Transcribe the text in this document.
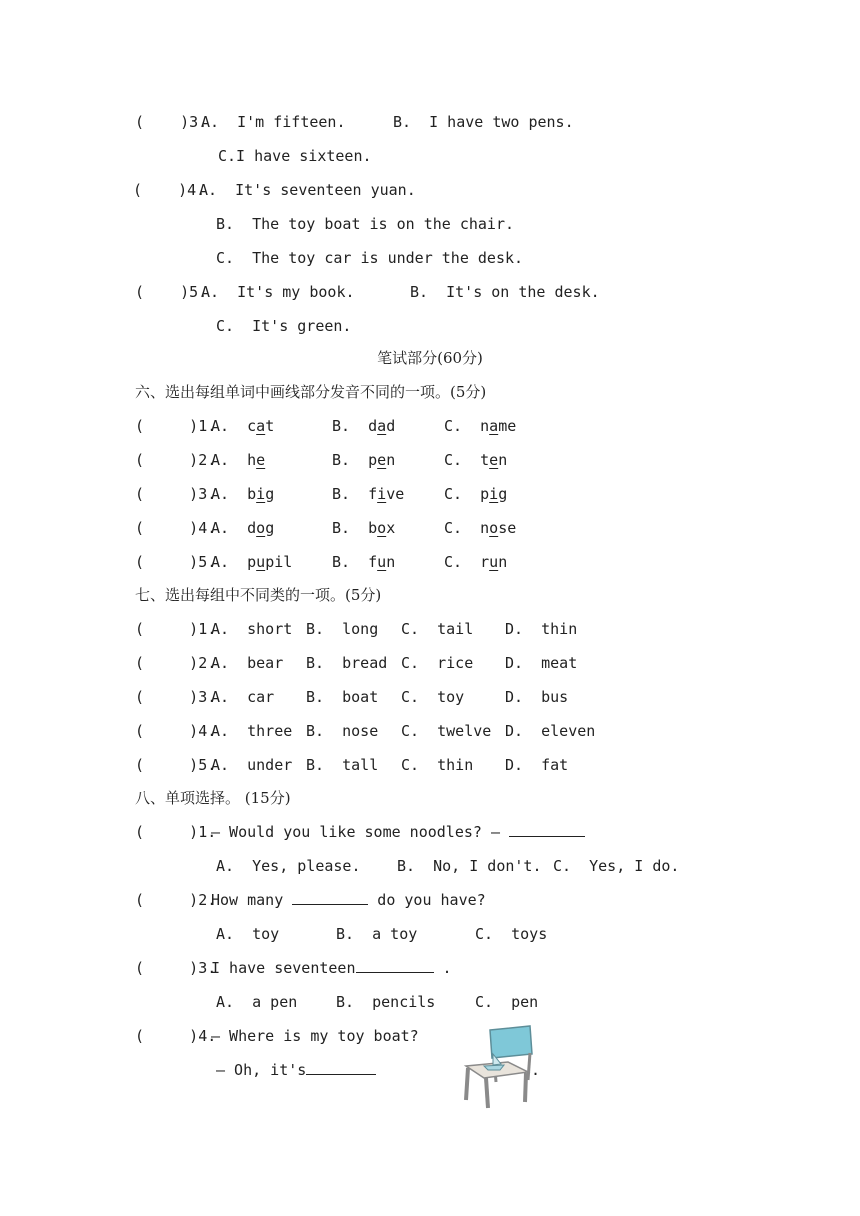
(    )3.
A.  I'm fifteen.	B.  I have two pens.
C.I have sixteen.
(    )4.
A.  It's seventeen yuan.
B.  The toy boat is on the chair.
C.  The toy car is under the desk.
(    )5.
A.  It's my book.	B.  It's on the desk.
C.  It's green.
笔试部分(60分)
六、选出每组单词中画线部分发音不同的一项。(5分)
(     )1.
A.  cat	B.  dad	C.  name
(     )2.
A.  he	B.  pen	C.  ten
(     )3.
A.  big	B.  five	C.  pig
(     )4.
A.  dog	B.  box	C.  nose
(     )5.
A.  pupil	B.  fun	C.  run
七、选出每组中不同类的一项。(5分)
(     )1.
A.  short B.  long C.  tail D.  thin
(     )2.
A.  bear B.  bread C.  rice D.  meat
(     )3.
A.  car B.  boat C.  toy	D.  bus
(     )4.
A.  three B.  nose C.  twelve D.  eleven
(     )5.
A.  under B.  tall C.  thin D.  fat
八、单项选择。 (15分)
(     )1.
— Would you like some noodles? —
A.  Yes, please. B.  No, I don't. C.  Yes, I do.
(     )2.
How many	do you have?
A.  toy	B.  a toy	C.  toys
(     )3.
I have seventeen	.
A.  a pen	B.  pencils	C.  pen
(     )4.
— Where is my toy boat?
— Oh, it's	.
